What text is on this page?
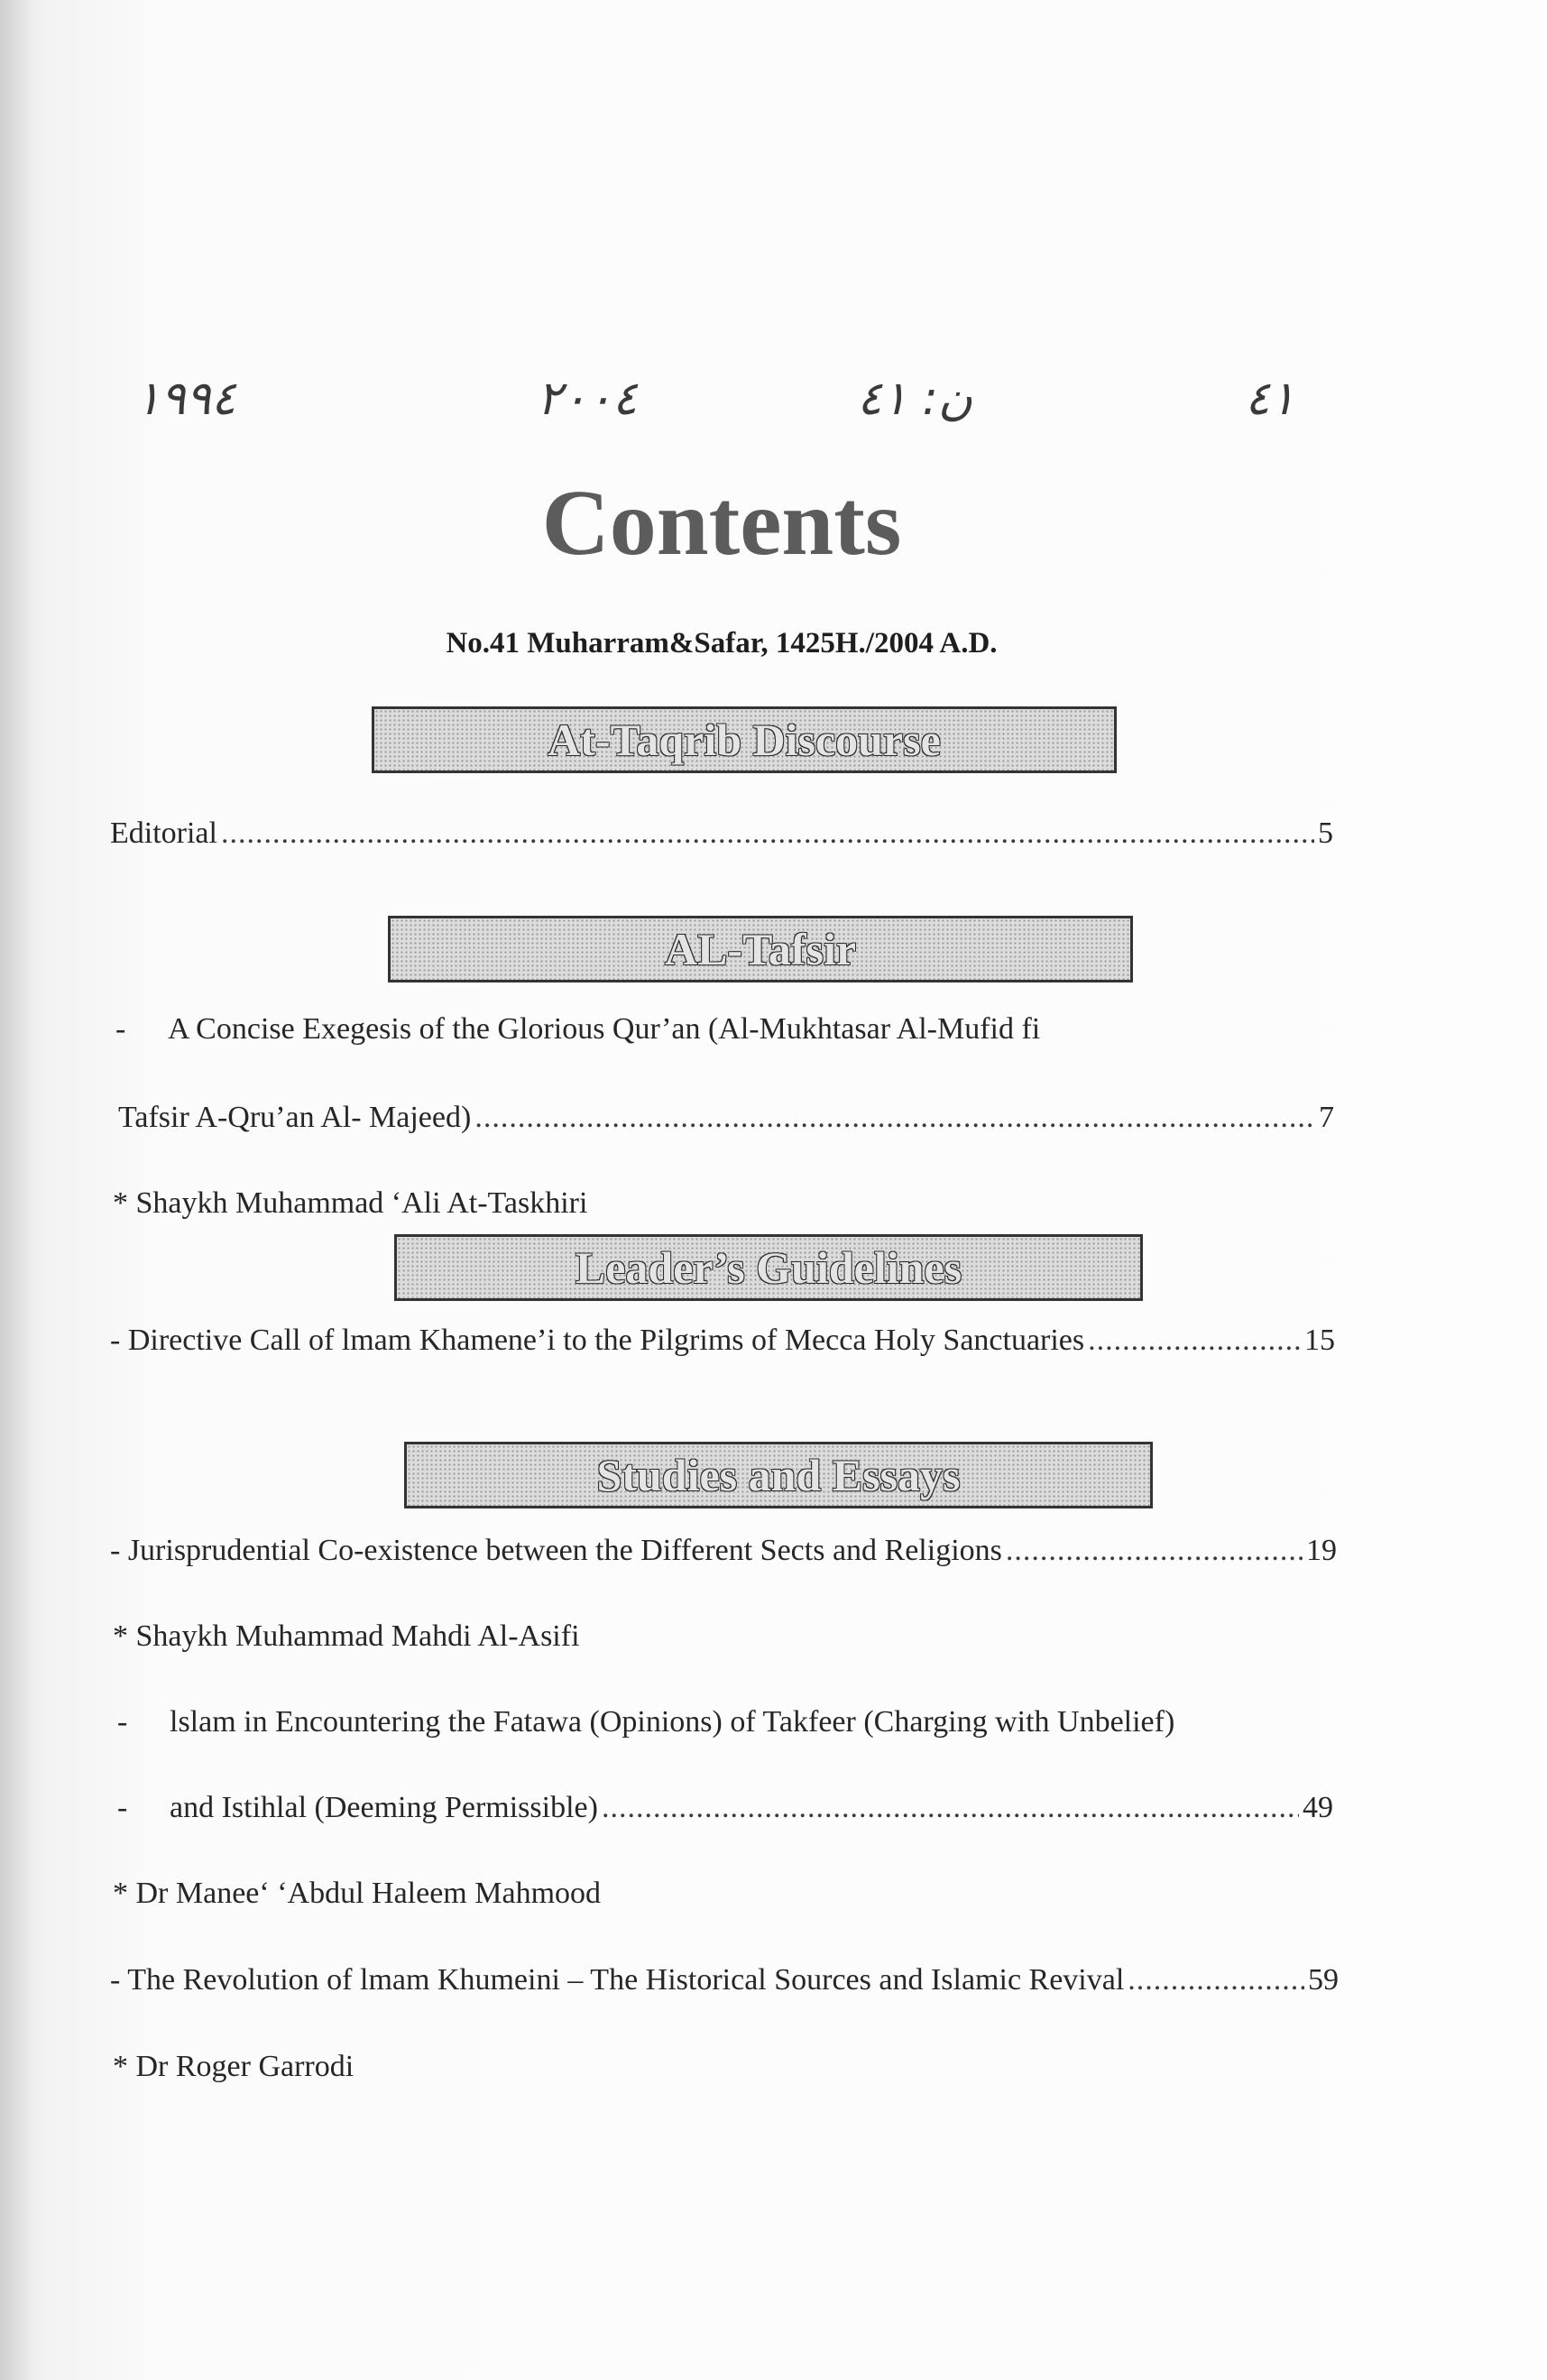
١٩٩٤	٢٠٠٤	ن: ٤١	٤١
Contents
No.41 Muharram&Safar, 1425H./2004 A.D.
At-Taqrib Discourse
Editorial .....	5
AL-Tafsir
- A Concise Exegesis of the Glorious Qur’an (Al-Mukhtasar Al-Mufid fi
Tafsir A-Qru’an Al- Majeed) .....	7
* Shaykh Muhammad ‘Ali At-Taskhiri
Leader’s Guidelines
- Directive Call of lmam Khamene’i to the Pilgrims of Mecca Holy Sanctuaries .....	15
Studies and Essays
- Jurisprudential Co-existence between the Different Sects and Religions .....	19
* Shaykh Muhammad Mahdi Al-Asifi
- lslam in Encountering the Fatawa (Opinions) of Takfeer (Charging with Unbelief)
-	and Istihlal (Deeming Permissible) .....	49
* Dr Manee‘ ‘Abdul Haleem Mahmood
- The Revolution of lmam Khumeini – The Historical Sources and Islamic Revival .....	59
* Dr Roger Garrodi
